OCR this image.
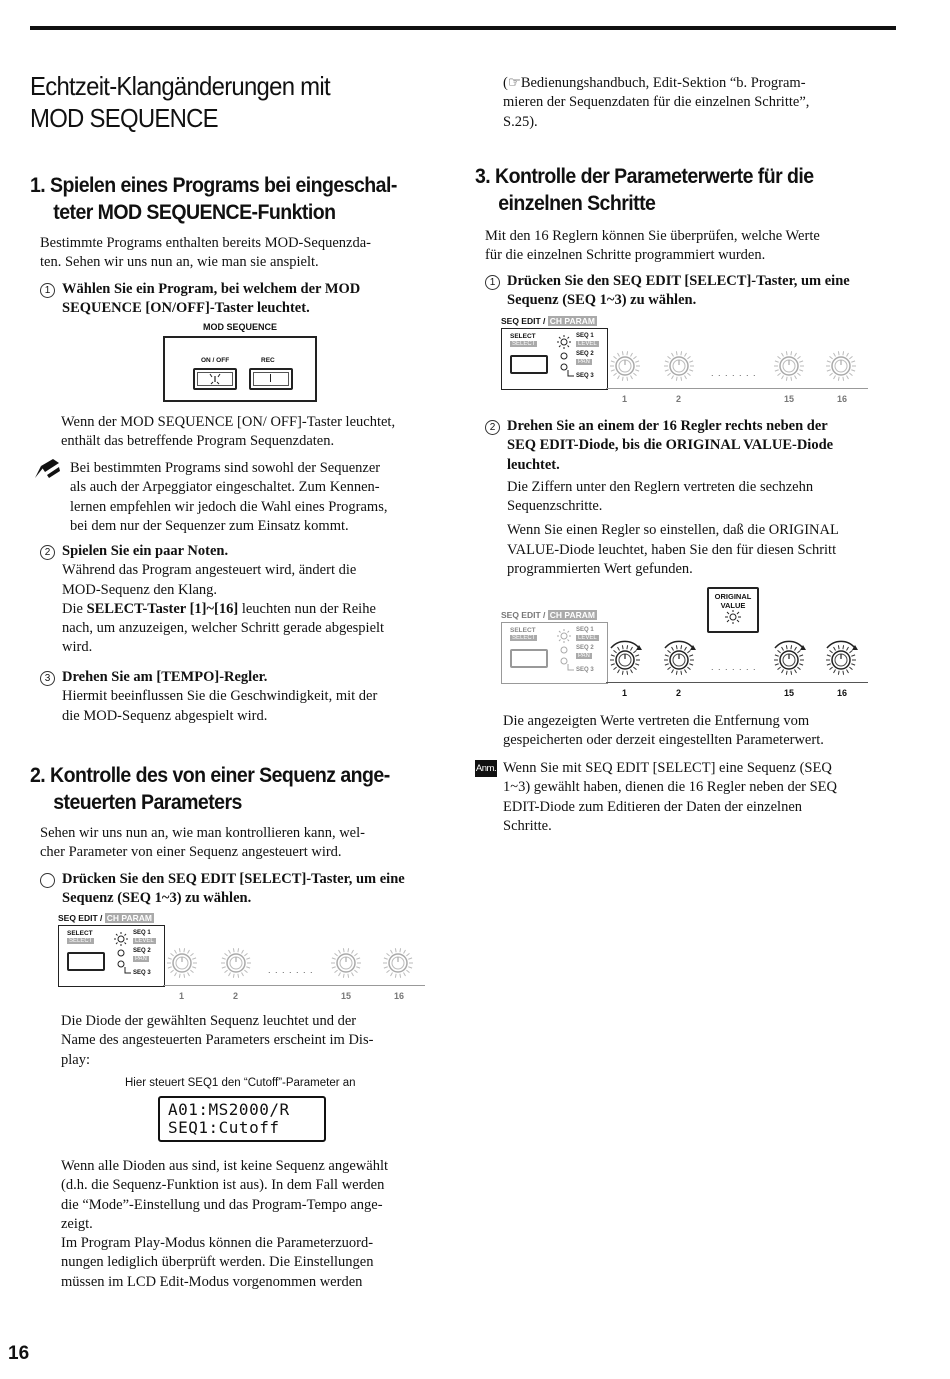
Echtzeit-Klangänderungen mit
MOD SEQUENCE
1. Spielen eines Programs bei eingeschal-
teter MOD SEQUENCE-Funktion

Bestimmte Programs enthalten bereits MOD-Sequenzda-
ten. Sehen wir uns nun an, wie man sie anspielt.

1 Wählen Sie ein Program, bei welchem der MOD
SEQUENCE [ON/OFF]-Taster leuchtet.
MOD SEQUENCE
ON / OFF	REC

Wenn der MOD SEQUENCE [ON/ OFF]-Taster leuchtet,
enthält das betreffende Program Sequenzdaten.

Bei bestimmten Programs sind sowohl der Sequenzer
als auch der Arpeggiator eingeschaltet. Zum Kennen-
lernen empfehlen wir jedoch die Wahl eines Programs,
bei dem nur der Sequenzer zum Einsatz kommt.

2 Spielen Sie ein paar Noten.
Während das Program angesteuert wird, ändert die
MOD-Sequenz den Klang.
Die SELECT-Taster [1]~[16] leuchten nun der Reihe
nach, um anzuzeigen, welcher Schritt gerade abgespielt
wird.
3 Drehen Sie am [TEMPO]-Regler.
Hiermit beeinflussen Sie die Geschwindigkeit, mit der
die MOD-Sequenz abgespielt wird.
2. Kontrolle des von einer Sequenz ange-
steuerten Parameters

Sehen wir uns nun an, wie man kontrollieren kann, wel-
cher Parameter von einer Sequenz angesteuert wird.

Drücken Sie den SEQ EDIT [SELECT]-Taster, um eine
Sequenz (SEQ 1~3) zu wählen.
SEQ EDIT / CH PARAM
SELECT
SELECT
SEQ 1
LEVEL
SEQ 2
PAN
SEQ 3	. . . . . . .
1	2	15	16

Die Diode der gewählten Sequenz leuchtet und der
Name des angesteuerten Parameters erscheint im Dis-
play:

Hier steuert SEQ1 den “Cutoff”-Parameter an
A01:MS2000/R
SEQ1:Cutoff

Wenn alle Dioden aus sind, ist keine Sequenz angewählt
(d.h. die Sequenz-Funktion ist aus). In dem Fall werden
die “Mode”-Einstellung und das Program-Tempo ange-
zeigt.
Im Program Play-Modus können die Parameterzuord-
nungen lediglich überprüft werden. Die Einstellungen
müssen im LCD Edit-Modus vorgenommen werden

16

(☞Bedienungshandbuch, Edit-Sektion “b. Program-
mieren der Sequenzdaten für die einzelnen Schritte”,
S.25).

3. Kontrolle der Parameterwerte für die
einzelnen Schritte

Mit den 16 Reglern können Sie überprüfen, welche Werte
für die einzelnen Schritte programmiert wurden.

1 Drücken Sie den SEQ EDIT [SELECT]-Taster, um eine
Sequenz (SEQ 1~3) zu wählen.
SEQ EDIT / CH PARAM
SELECT
SELECT
SEQ 1
LEVEL
SEQ 2
PAN
SEQ 3	. . . . . . .
1	2	15	16
2 Drehen Sie an einem der 16 Regler rechts neben der
SEQ EDIT-Diode, bis die ORIGINAL VALUE-Diode
leuchtet.
Die Ziffern unter den Reglern vertreten die sechzehn
Sequenzschritte.
Wenn Sie einen Regler so einstellen, daß die ORIGINAL
VALUE-Diode leuchtet, haben Sie den für diesen Schritt
programmierten Wert gefunden.
ORIGINAL
VALUE
SEQ EDIT / CH PARAM
SELECT
SELECT
SEQ 1
LEVEL
SEQ 2
PAN
SEQ 3	. . . . . . .
1	2	15	16

Die angezeigten Werte vertreten die Entfernung vom
gespeicherten oder derzeit eingestellten Parameterwert.

Anm. Wenn Sie mit SEQ EDIT [SELECT] eine Sequenz (SEQ
1~3) gewählt haben, dienen die 16 Regler neben der SEQ
EDIT-Diode zum Editieren der Daten der einzelnen
Schritte.
